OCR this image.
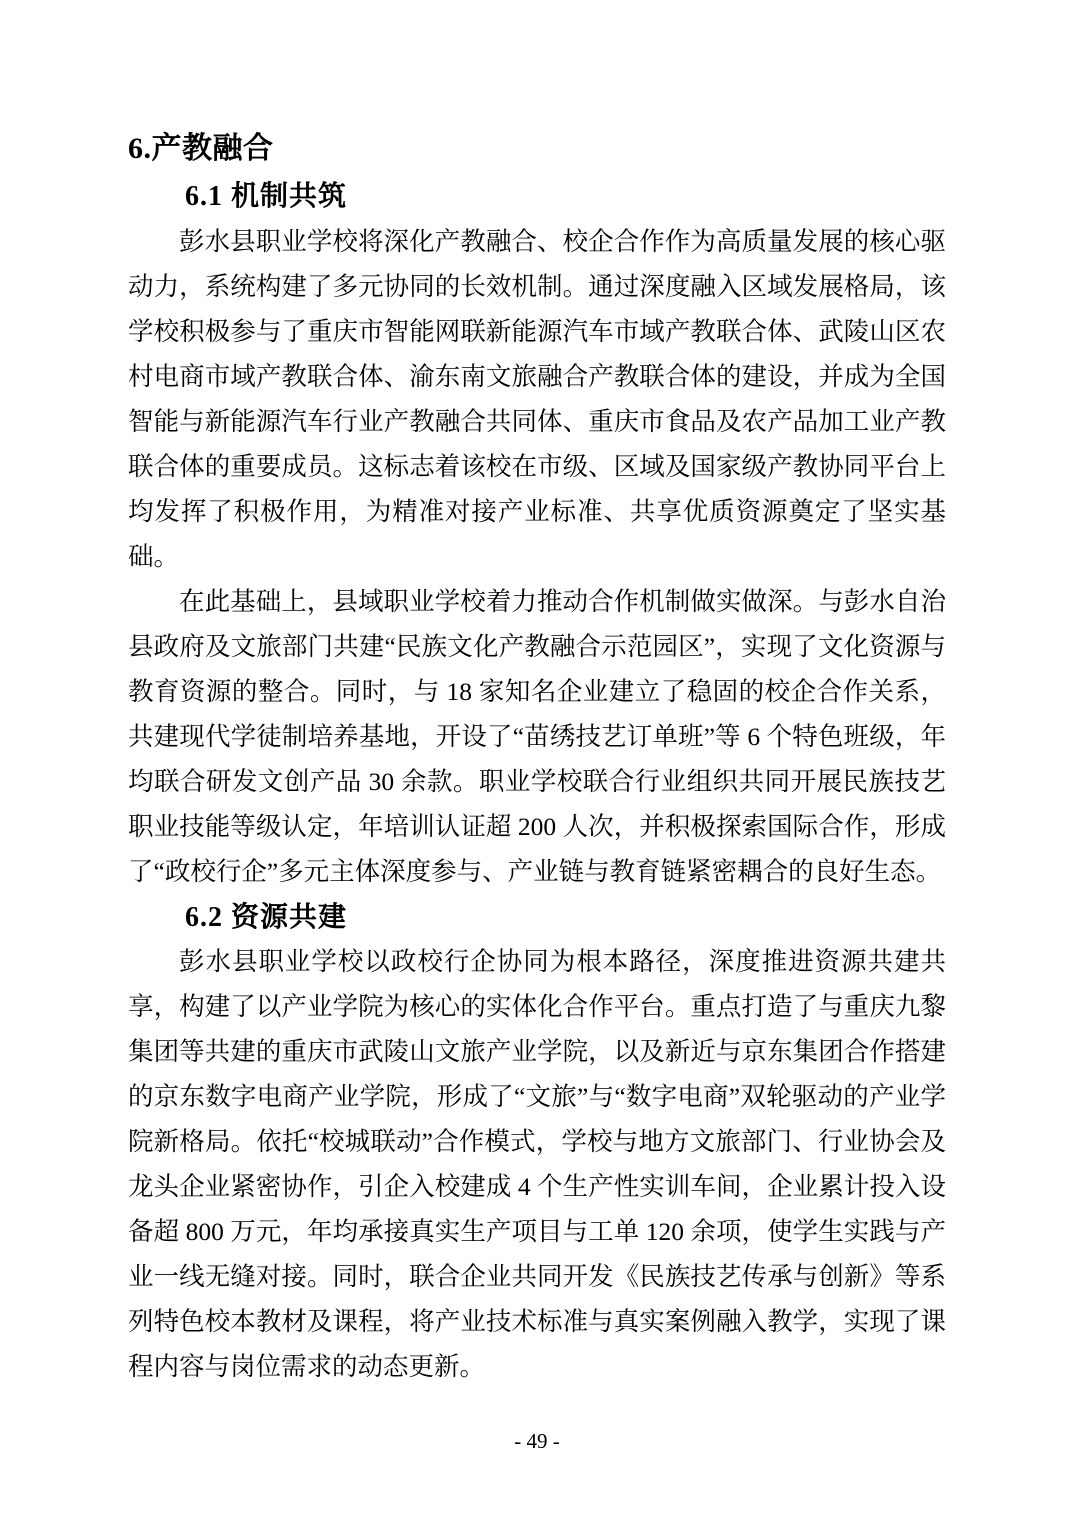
6.产教融合
6.1 机制共筑

彭水县职业学校将深化产教融合、校企合作作为高质量发展的核心驱动力，系统构建了多元协同的长效机制。通过深度融入区域发展格局，该学校积极参与了重庆市智能网联新能源汽车市域产教联合体、武陵山区农村电商市域产教联合体、渝东南文旅融合产教联合体的建设，并成为全国智能与新能源汽车行业产教融合共同体、重庆市食品及农产品加工业产教联合体的重要成员。这标志着该校在市级、区域及国家级产教协同平台上均发挥了积极作用，为精准对接产业标准、共享优质资源奠定了坚实基础。

在此基础上，县域职业学校着力推动合作机制做实做深。与彭水自治县政府及文旅部门共建“民族文化产教融合示范园区”，实现了文化资源与教育资源的整合。同时，与 18 家知名企业建立了稳固的校企合作关系，共建现代学徒制培养基地，开设了“苗绣技艺订单班”等 6 个特色班级，年均联合研发文创产品 30 余款。职业学校联合行业组织共同开展民族技艺职业技能等级认定，年培训认证超 200 人次，并积极探索国际合作，形成了“政校行企”多元主体深度参与、产业链与教育链紧密耦合的良好生态。

6.2 资源共建

彭水县职业学校以政校行企协同为根本路径，深度推进资源共建共享，构建了以产业学院为核心的实体化合作平台。重点打造了与重庆九黎集团等共建的重庆市武陵山文旅产业学院，以及新近与京东集团合作搭建的京东数字电商产业学院，形成了“文旅”与“数字电商”双轮驱动的产业学院新格局。依托“校城联动”合作模式，学校与地方文旅部门、行业协会及龙头企业紧密协作，引企入校建成 4 个生产性实训车间，企业累计投入设备超 800 万元，年均承接真实生产项目与工单 120 余项，使学生实践与产业一线无缝对接。同时，联合企业共同开发《民族技艺传承与创新》等系列特色校本教材及课程，将产业技术标准与真实案例融入教学，实现了课程内容与岗位需求的动态更新。

- 49 -
